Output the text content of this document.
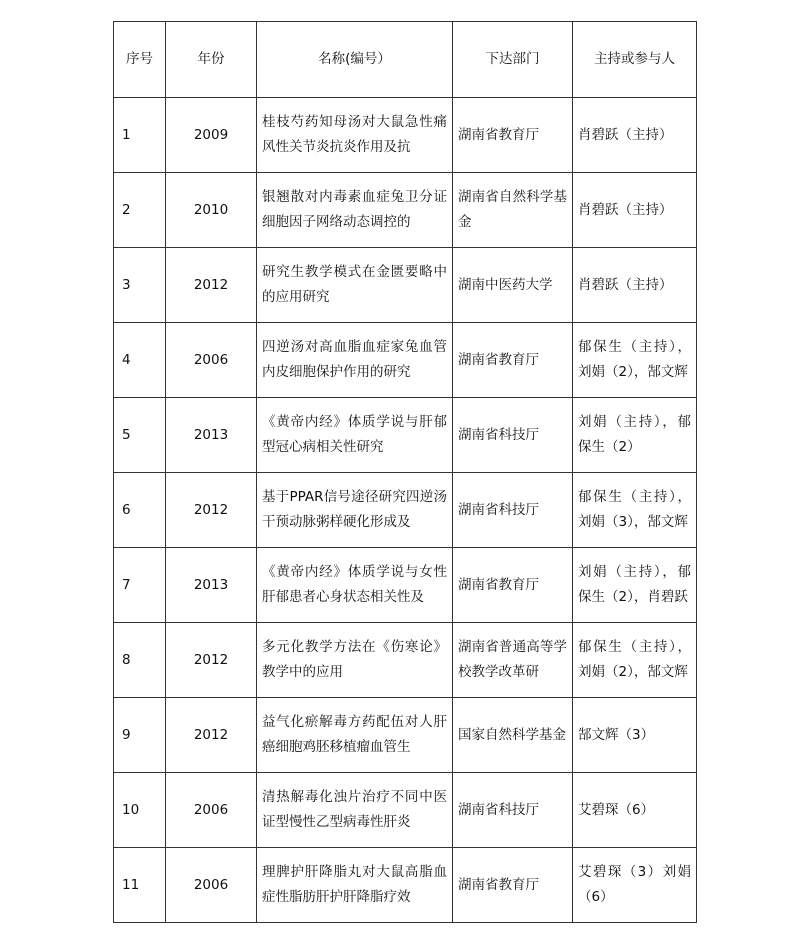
序号	年份	名称(编号）	下达部门	主持或参与人
1	2009	桂枝芍药知母汤对大鼠急性痛风性关节炎抗炎作用及抗	湖南省教育厅	肖碧跃（主持）

2	2010	银翘散对内毒素血症兔卫分证细胞因子网络动态调控的	湖南省自然科学基金	肖碧跃（主持）

3	2012	研究生教学模式在金匮要略中的应用研究	湖南中医药大学	肖碧跃（主持）

4	2006	四逆汤对高血脂血症家兔血管内皮细胞保护作用的研究	湖南省教育厅	郁保生（主持），刘娟（2），郜文辉

5	2013	《黄帝内经》体质学说与肝郁型冠心病相关性研究	湖南省科技厅	刘娟（主持），郁保生（2）

6	2012	基于PPAR信号途径研究四逆汤干预动脉粥样硬化形成及	湖南省科技厅	郁保生（主持），刘娟（3），郜文辉

7	2013	《黄帝内经》体质学说与女性肝郁患者心身状态相关性及	湖南省教育厅	刘娟（主持），郁保生（2），肖碧跃

8	2012	多元化教学方法在《伤寒论》教学中的应用	湖南省普通高等学校教学改革研	郁保生（主持），刘娟（2），郜文辉

9	2012	益气化瘀解毒方药配伍对人肝癌细胞鸡胚移植瘤血管生	国家自然科学基金	郜文辉（3）

10	2006	清热解毒化浊片治疗不同中医证型慢性乙型病毒性肝炎	湖南省科技厅	艾碧琛（6）

11	2006	理脾护肝降脂丸对大鼠高脂血症性脂肪肝护肝降脂疗效	湖南省教育厅	艾碧琛（3）刘娟（6）
